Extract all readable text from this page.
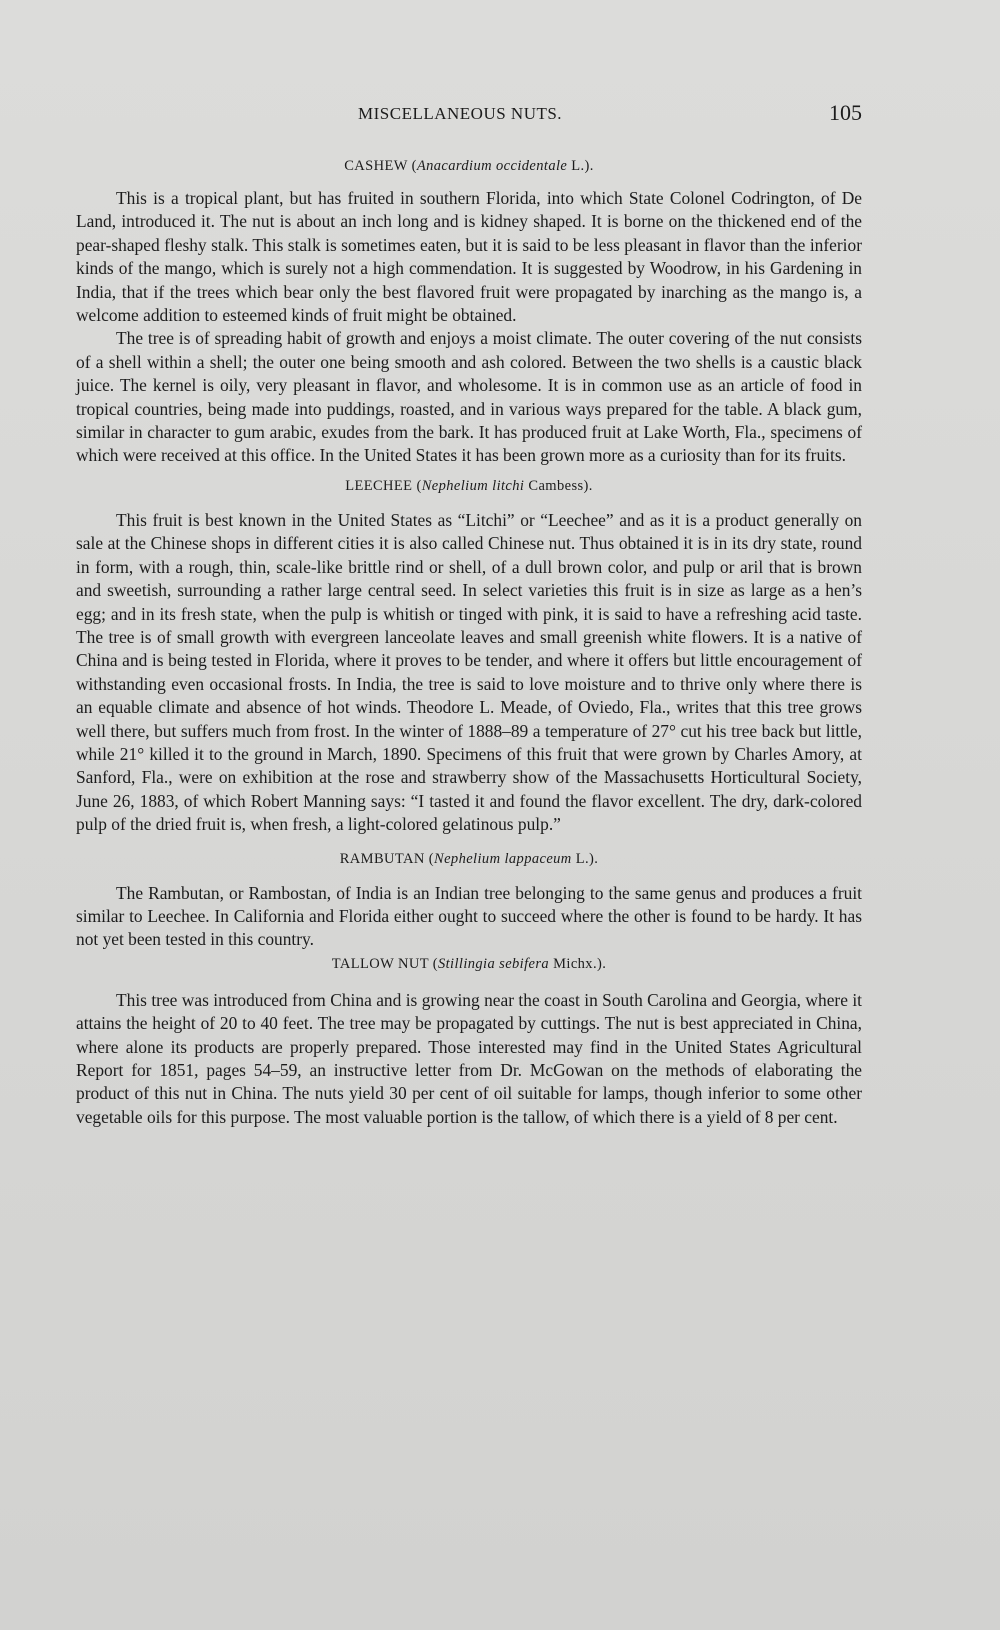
MISCELLANEOUS NUTS.	105

CASHEW (Anacardium occidentale L.).

This is a tropical plant, but has fruited in southern Florida, into which State Colonel Codrington, of De Land, introduced it. The nut is about an inch long and is kidney shaped. It is borne on the thickened end of the pear-shaped fleshy stalk. This stalk is sometimes eaten, but it is said to be less pleasant in flavor than the inferior kinds of the mango, which is surely not a high commendation. It is suggested by Woodrow, in his Gardening in India, that if the trees which bear only the best flavored fruit were propagated by inarching as the mango is, a welcome addition to esteemed kinds of fruit might be obtained.

The tree is of spreading habit of growth and enjoys a moist climate. The outer covering of the nut consists of a shell within a shell; the outer one being smooth and ash colored. Between the two shells is a caustic black juice. The kernel is oily, very pleasant in flavor, and wholesome. It is in common use as an article of food in tropical countries, being made into puddings, roasted, and in various ways prepared for the table. A black gum, similar in character to gum arabic, exudes from the bark. It has produced fruit at Lake Worth, Fla., specimens of which were received at this office. In the United States it has been grown more as a curiosity than for its fruits.

LEECHEE (Nephelium litchi Cambess).

This fruit is best known in the United States as “Litchi” or “Leechee” and as it is a product generally on sale at the Chinese shops in different cities it is also called Chinese nut. Thus obtained it is in its dry state, round in form, with a rough, thin, scale-like brittle rind or shell, of a dull brown color, and pulp or aril that is brown and sweetish, surrounding a rather large central seed. In select varieties this fruit is in size as large as a hen’s egg; and in its fresh state, when the pulp is whitish or tinged with pink, it is said to have a refreshing acid taste. The tree is of small growth with evergreen lanceolate leaves and small greenish white flowers. It is a native of China and is being tested in Florida, where it proves to be tender, and where it offers but little encouragement of withstanding even occasional frosts. In India, the tree is said to love moisture and to thrive only where there is an equable climate and absence of hot winds. Theodore L. Meade, of Oviedo, Fla., writes that this tree grows well there, but suffers much from frost. In the winter of 1888–89 a temperature of 27° cut his tree back but little, while 21° killed it to the ground in March, 1890. Specimens of this fruit that were grown by Charles Amory, at Sanford, Fla., were on exhibition at the rose and strawberry show of the Massachusetts Horticultural Society, June 26, 1883, of which Robert Manning says: “I tasted it and found the flavor excellent. The dry, dark-colored pulp of the dried fruit is, when fresh, a light-colored gelatinous pulp.”

RAMBUTAN (Nephelium lappaceum L.).

The Rambutan, or Rambostan, of India is an Indian tree belonging to the same genus and produces a fruit similar to Leechee. In California and Florida either ought to succeed where the other is found to be hardy. It has not yet been tested in this country.

TALLOW NUT (Stillingia sebifera Michx.).

This tree was introduced from China and is growing near the coast in South Carolina and Georgia, where it attains the height of 20 to 40 feet. The tree may be propagated by cuttings. The nut is best appreciated in China, where alone its products are properly prepared. Those interested may find in the United States Agricultural Report for 1851, pages 54–59, an instructive letter from Dr. McGowan on the methods of elaborating the product of this nut in China. The nuts yield 30 per cent of oil suitable for lamps, though inferior to some other vegetable oils for this purpose. The most valuable portion is the tallow, of which there is a yield of 8 per cent.
